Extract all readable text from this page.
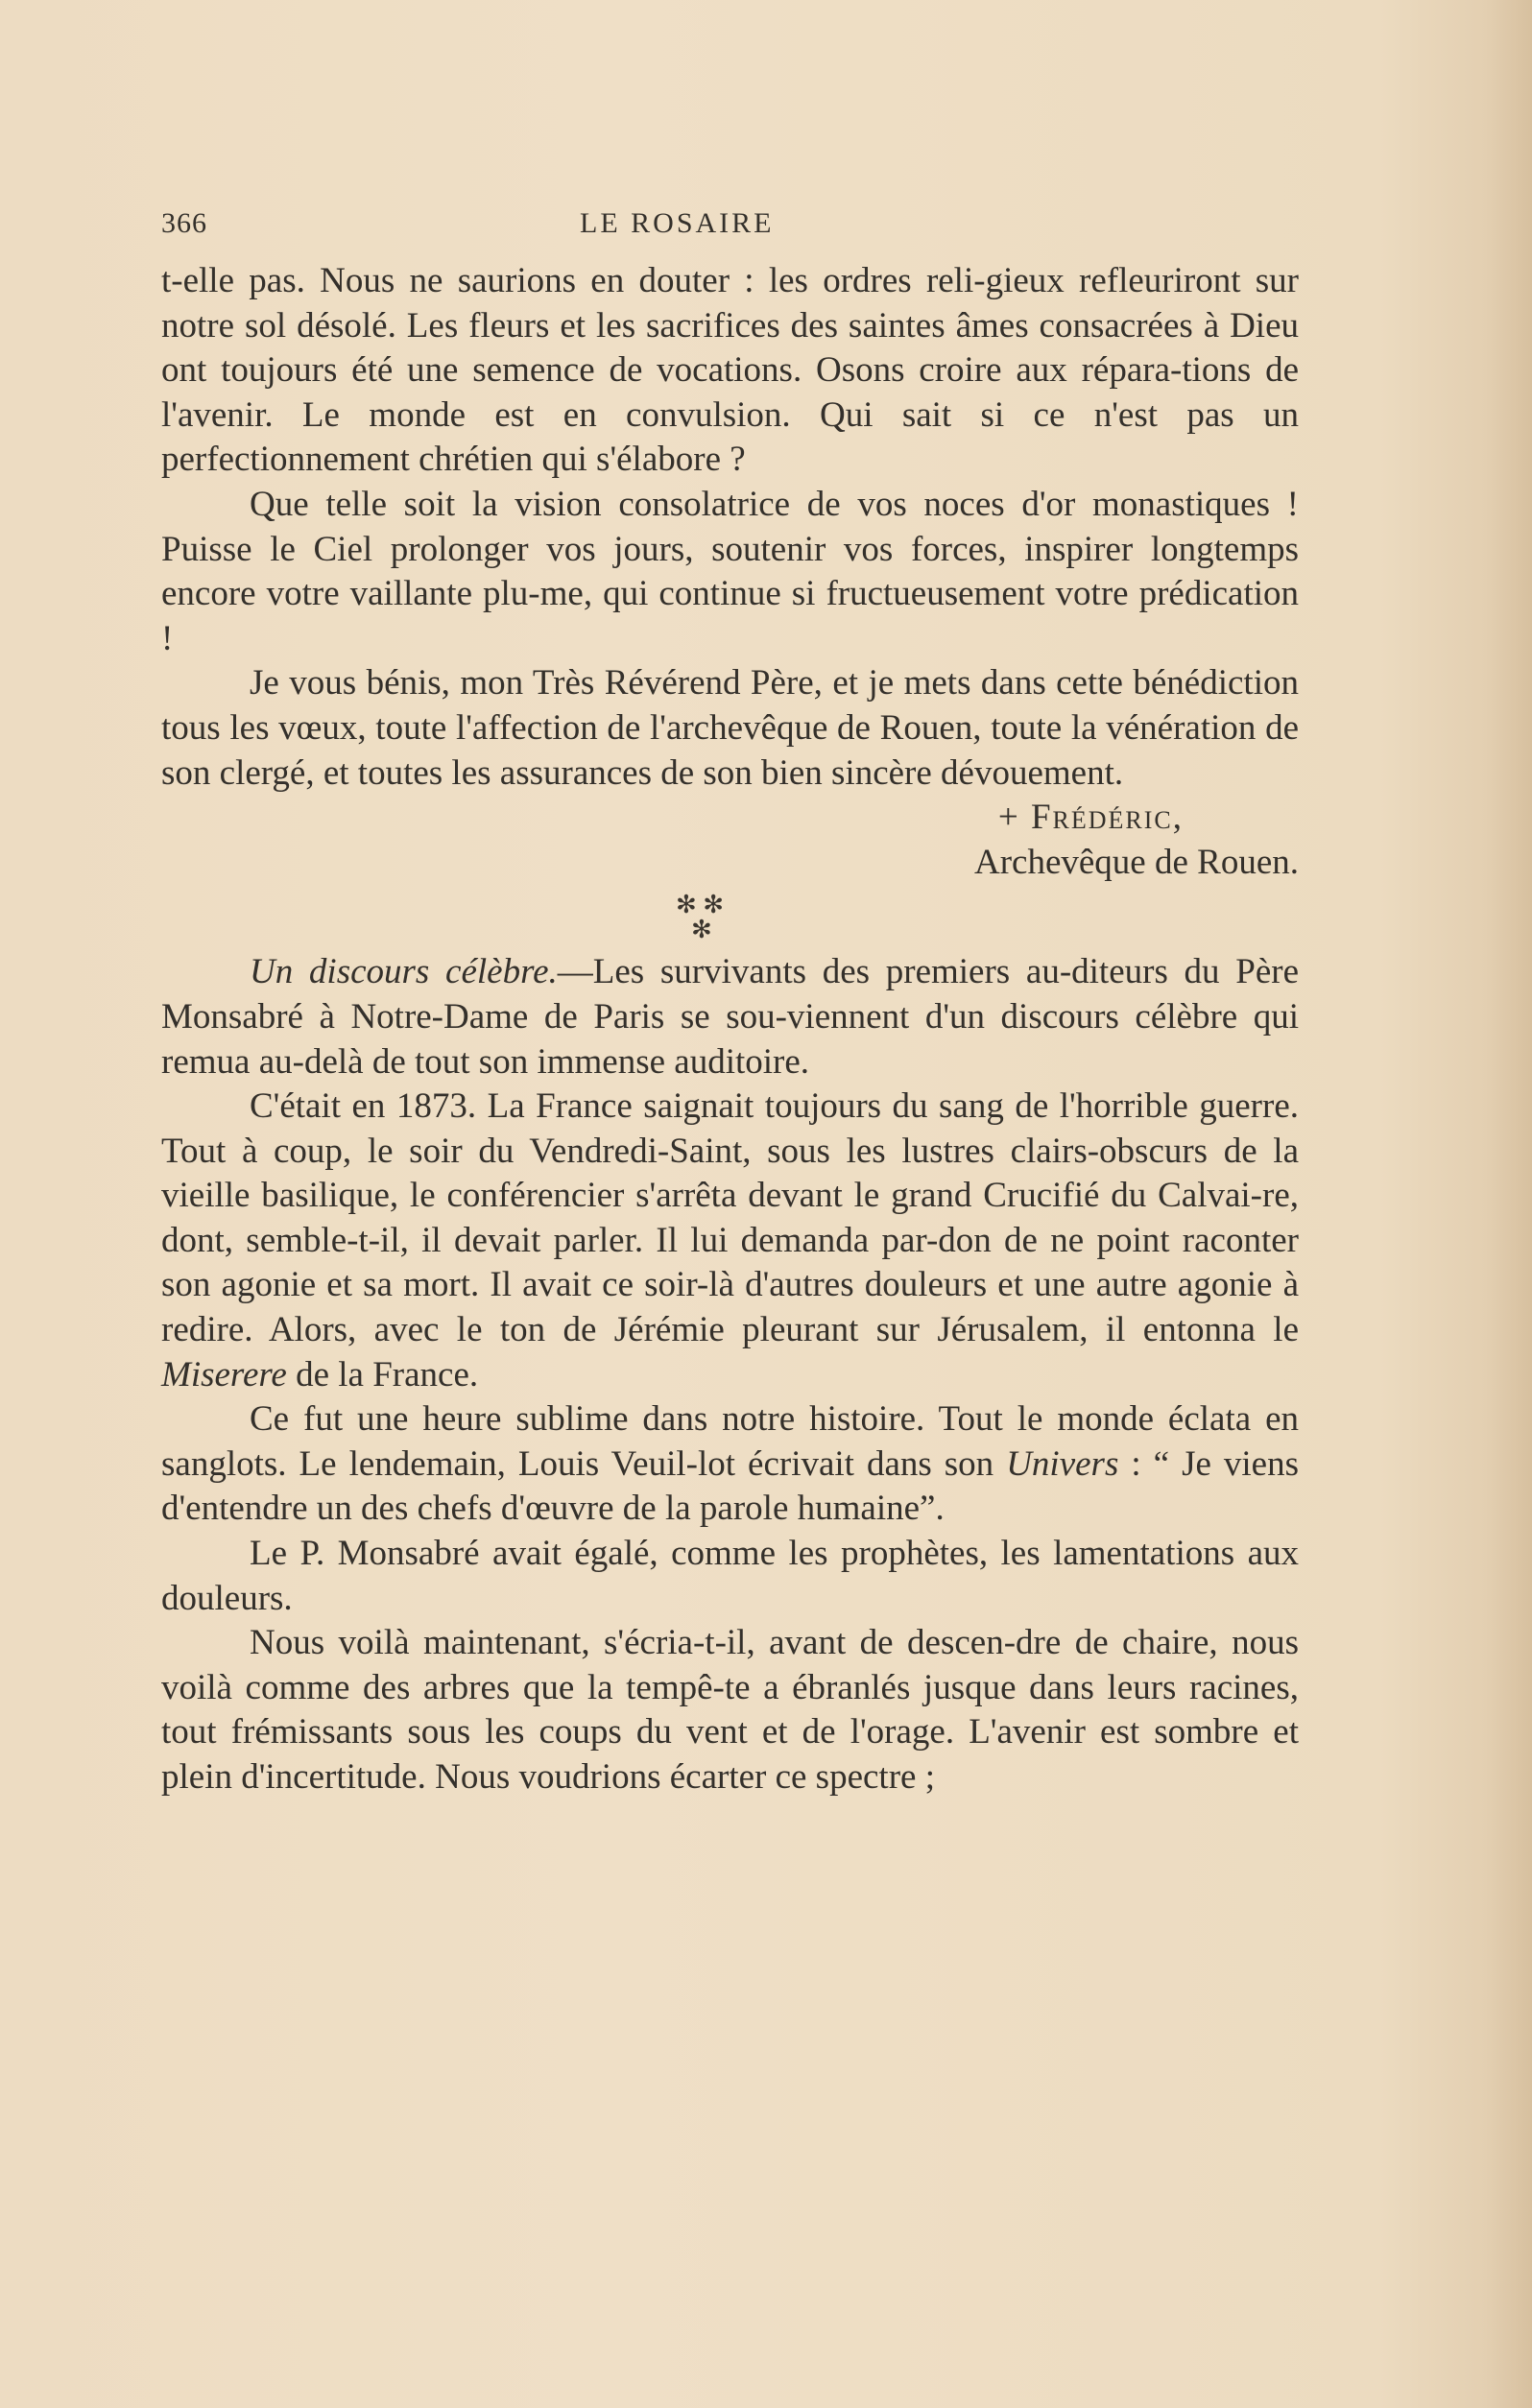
366	LE ROSAIRE

t-elle pas. Nous ne saurions en douter : les ordres reli-gieux refleuriront sur notre sol désolé. Les fleurs et les sacrifices des saintes âmes consacrées à Dieu ont toujours été une semence de vocations. Osons croire aux répara-tions de l'avenir. Le monde est en convulsion. Qui sait si ce n'est pas un perfectionnement chrétien qui s'élabore ?

Que telle soit la vision consolatrice de vos noces d'or monastiques ! Puisse le Ciel prolonger vos jours, soutenir vos forces, inspirer longtemps encore votre vaillante plu-me, qui continue si fructueusement votre prédication !

Je vous bénis, mon Très Révérend Père, et je mets dans cette bénédiction tous les vœux, toute l'affection de l'archevêque de Rouen, toute la vénération de son clergé, et toutes les assurances de son bien sincère dévouement.

+ Frédéric,

Archevêque de Rouen.

✻ ✻
✻

Un discours célèbre.—Les survivants des premiers au-diteurs du Père Monsabré à Notre-Dame de Paris se sou-viennent d'un discours célèbre qui remua au-delà de tout son immense auditoire.

C'était en 1873. La France saignait toujours du sang de l'horrible guerre. Tout à coup, le soir du Vendredi-Saint, sous les lustres clairs-obscurs de la vieille basilique, le conférencier s'arrêta devant le grand Crucifié du Calvai-re, dont, semble-t-il, il devait parler. Il lui demanda par-don de ne point raconter son agonie et sa mort. Il avait ce soir-là d'autres douleurs et une autre agonie à redire. Alors, avec le ton de Jérémie pleurant sur Jérusalem, il entonna le Miserere de la France.

Ce fut une heure sublime dans notre histoire. Tout le monde éclata en sanglots. Le lendemain, Louis Veuil-lot écrivait dans son Univers : “ Je viens d'entendre un des chefs d'œuvre de la parole humaine”.

Le P. Monsabré avait égalé, comme les prophètes, les lamentations aux douleurs.

Nous voilà maintenant, s'écria-t-il, avant de descen-dre de chaire, nous voilà comme des arbres que la tempê-te a ébranlés jusque dans leurs racines, tout frémissants sous les coups du vent et de l'orage. L'avenir est sombre et plein d'incertitude. Nous voudrions écarter ce spectre ;
